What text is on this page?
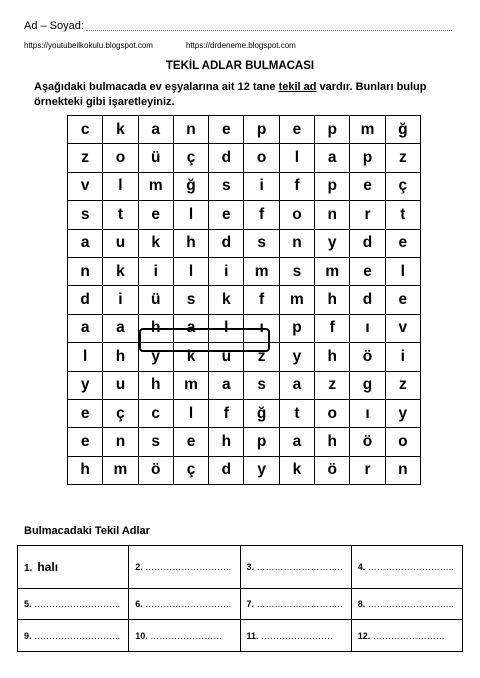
Ad – Soyad:
https://youtubeilkokulu.blogspot.com	https://drdeneme.blogspot.com
TEKİL ADLAR BULMACASI
Aşağıdaki bulmacada ev eşyalarına ait 12 tane tekil ad vardır. Bunları bulup örnekteki gibi işaretleyiniz.
c	k	a	n	e	p	e	p	m	ğ
z	o	ü	ç	d	o	l	a	p	z
v	l	m	ğ	s	i	f	p	e	ç
s	t	e	l	e	f	o	n	r	t
a	u	k	h	d	s	n	y	d	e
n	k	i	l	i	m	s	m	e	l
d	i	ü	s	k	f	m	h	d	e
a	a	h	a	l	ı	p	f	ı	v
l	h	y	k	ü	z	y	h	ö	i
y	u	h	m	a	s	a	z	g	z
e	ç	c	l	f	ğ	t	o	ı	y
e	n	s	e	h	p	a	h	ö	o
h	m	ö	ç	d	y	k	ö	r	n
Bulmacadaki Tekil Adlar
1. halı	2. ………………………..	3. ………………………..	4. ………………………..
5. ………………………..	6. ………………………..	7. ………………………..	8. ………………………..
9. ………………………..	10. ……………………	11. ……………………	12. ……………………
